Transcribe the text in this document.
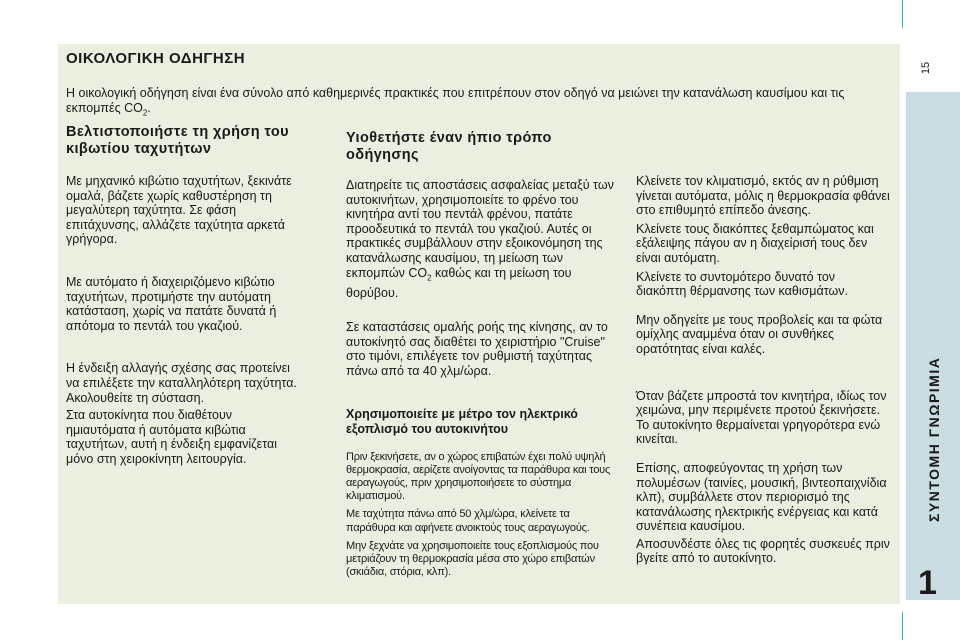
ΟΙΚΟΛΟΓΙΚΗ ΟΔΗΓΗΣΗ

Η οικολογική οδήγηση είναι ένα σύνολο από καθημερινές πρακτικές που επιτρέπουν στον οδηγό να μειώνει την κατανάλωση καυσίμου και τις εκπομπές $CO_2$.

Βελτιστοποιήστε τη χρήση του κιβωτίου ταχυτήτων

Με μηχανικό κιβώτιο ταχυτήτων, ξεκινάτε ομαλά, βάζετε χωρίς καθυστέρηση τη μεγαλύτερη ταχύτητα. Σε φάση επιτάχυνσης, αλλάζετε ταχύτητα αρκετά γρήγορα.

Με αυτόματο ή διαχειριζόμενο κιβώτιο ταχυτήτων, προτιμήστε την αυτόματη κατάσταση, χωρίς να πατάτε δυνατά ή απότομα το πεντάλ του γκαζιού.

Η ένδειξη αλλαγής σχέσης σας προτείνει να επιλέξετε την καταλληλότερη ταχύτητα. Ακολουθείτε τη σύσταση.

Στα αυτοκίνητα που διαθέτουν ημιαυτόματα ή αυτόματα κιβώτια ταχυτήτων, αυτή η ένδειξη εμφανίζεται μόνο στη χειροκίνητη λειτουργία.

Υιοθετήστε έναν ήπιο τρόπο οδήγησης

Διατηρείτε τις αποστάσεις ασφαλείας μεταξύ των αυτοκινήτων, χρησιμοποιείτε το φρένο του κινητήρα αντί του πεντάλ φρένου, πατάτε προοδευτικά το πεντάλ του γκαζιού. Αυτές οι πρακτικές συμβάλλουν στην εξοικονόμηση της κατανάλωσης καυσίμου, τη μείωση των εκπομπών $CO_2$ καθώς και τη μείωση του θορύβου.

Σε καταστάσεις ομαλής ροής της κίνησης, αν το αυτοκίνητό σας διαθέτει το χειριστήριο "Cruise" στο τιμόνι, επιλέγετε τον ρυθμιστή ταχύτητας πάνω από τα 40 χλμ/ώρα.

Χρησιμοποιείτε με μέτρο τον ηλεκτρικό εξοπλισμό του αυτοκινήτου

Πριν ξεκινήσετε, αν ο χώρος επιβατών έχει πολύ υψηλή θερμοκρασία, αερίζετε ανοίγοντας τα παράθυρα και τους αεραγωγούς, πριν χρησιμοποιήσετε το σύστημα κλιματισμού.

Με ταχύτητα πάνω από 50 χλμ/ώρα, κλείνετε τα παράθυρα και αφήνετε ανοικτούς τους αεραγωγούς.

Μην ξεχνάτε να χρησιμοποιείτε τους εξοπλισμούς που μετριάζουν τη θερμοκρασία μέσα στο χώρο επιβατών (σκιάδια, στόρια, κλπ).

Κλείνετε τον κλιματισμό, εκτός αν η ρύθμιση γίνεται αυτόματα, μόλις η θερμοκρασία φθάνει στο επιθυμητό επίπεδο άνεσης.

Κλείνετε τους διακόπτες ξεθαμπώματος και εξάλειψης πάγου αν η διαχείρισή τους δεν είναι αυτόματη.

Κλείνετε το συντομότερο δυνατό τον διακόπτη θέρμανσης των καθισμάτων.

Μην οδηγείτε με τους προβολείς και τα φώτα ομίχλης αναμμένα όταν οι συνθήκες ορατότητας είναι καλές.

Όταν βάζετε μπροστά τον κινητήρα, ιδίως τον χειμώνα, μην περιμένετε προτού ξεκινήσετε. Το αυτοκίνητο θερμαίνεται γρηγορότερα ενώ κινείται.

Επίσης, αποφεύγοντας τη χρήση των πολυμέσων (ταινίες, μουσική, βιντεοπαιχνίδια κλπ), συμβάλλετε στον περιορισμό της κατανάλωσης ηλεκτρικής ενέργειας και κατά συνέπεια καυσίμου.

Αποσυνδέστε όλες τις φορητές συσκευές πριν βγείτε από το αυτοκίνητο.

15
ΣΥΝΤΟΜΗ ΓΝΩΡΙΜΙΑ
1
